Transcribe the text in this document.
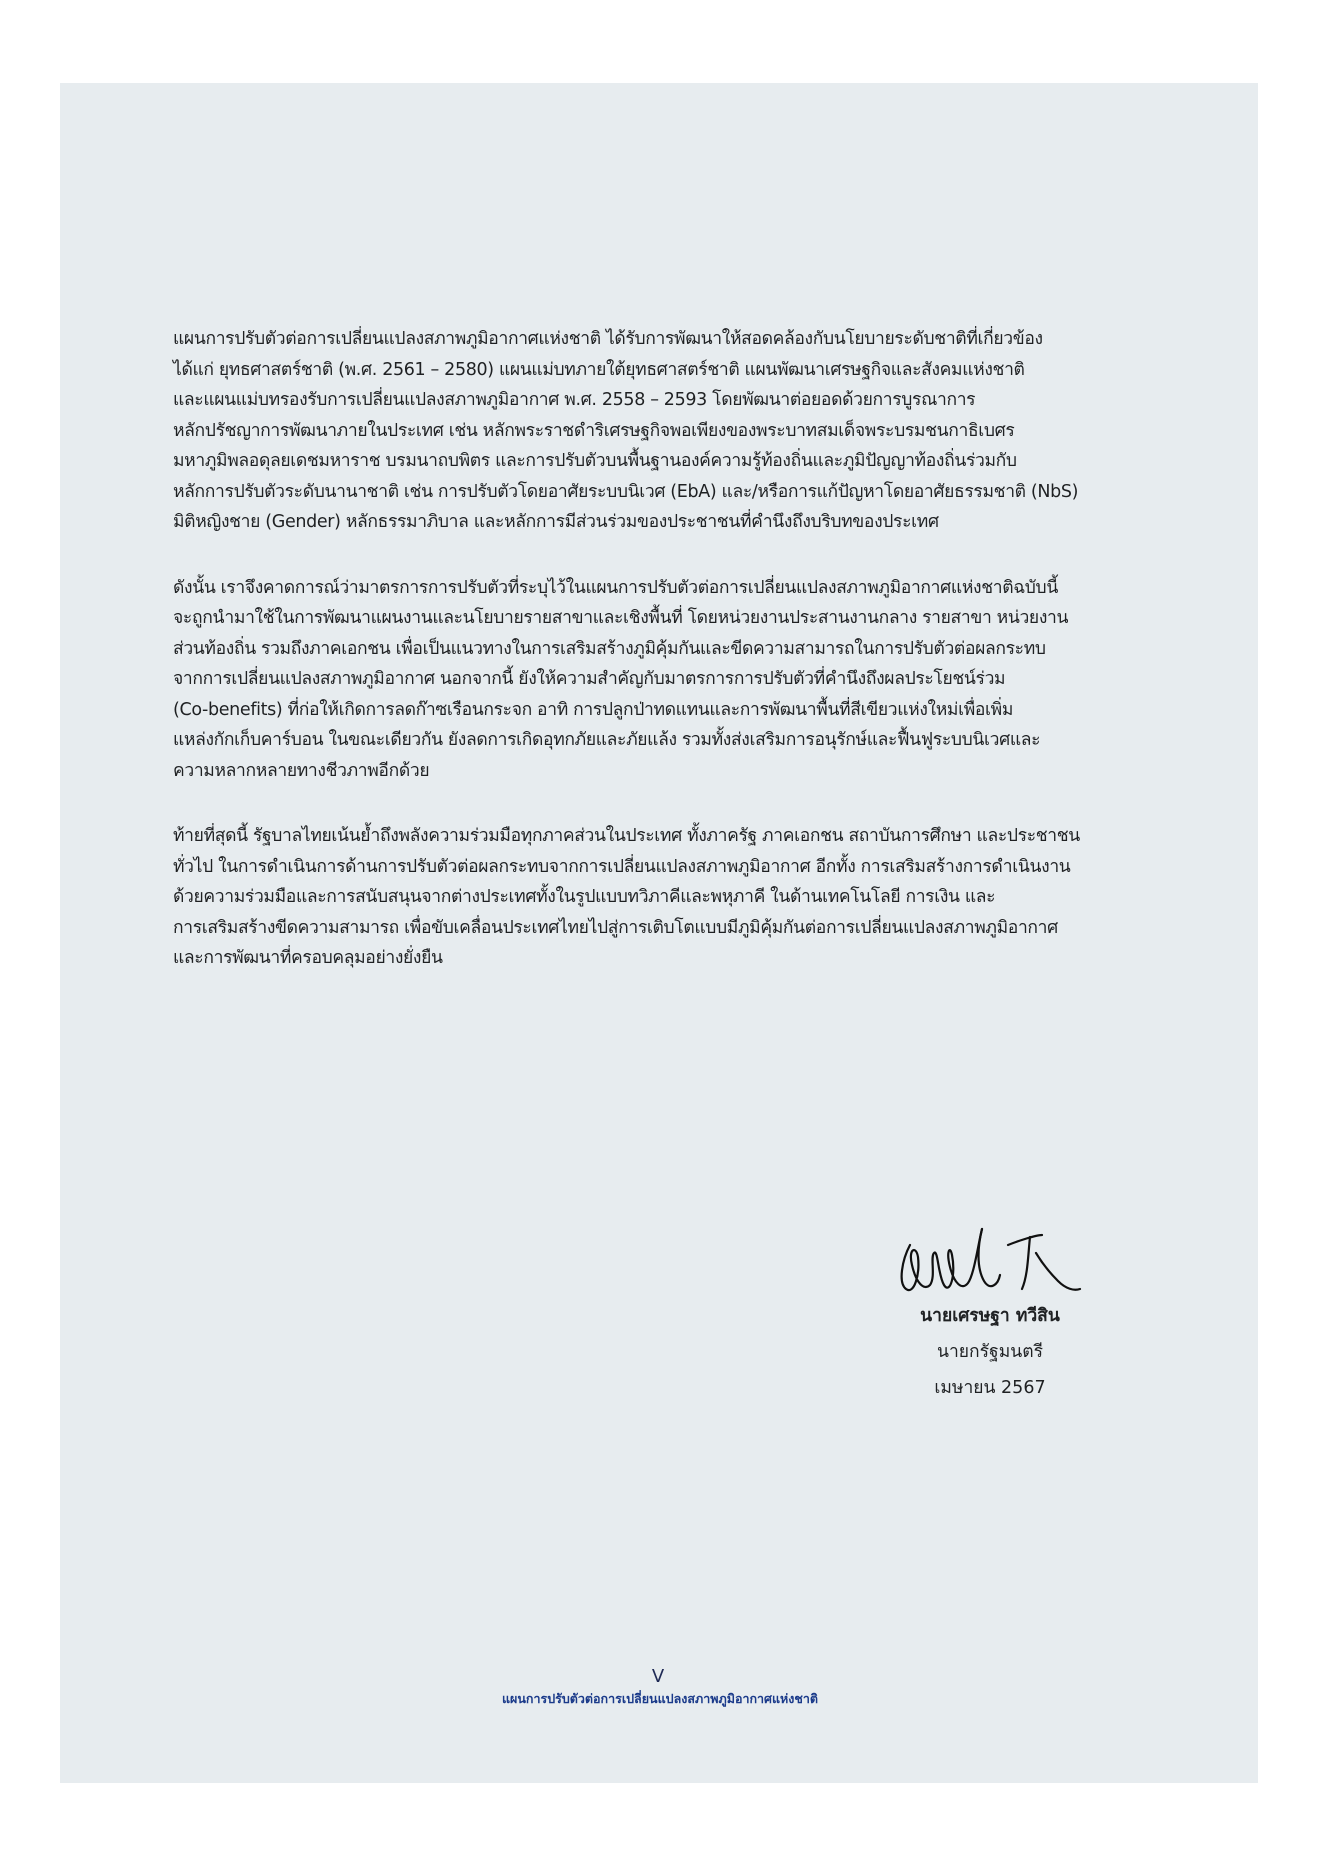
แผนการปรับตัวต่อการเปลี่ยนแปลงสภาพภูมิอากาศแห่งชาติ ได้รับการพัฒนาให้สอดคล้องกับนโยบายระดับชาติที่เกี่ยวข้อง
ได้แก่ ยุทธศาสตร์ชาติ (พ.ศ. 2561 – 2580) แผนแม่บทภายใต้ยุทธศาสตร์ชาติ แผนพัฒนาเศรษฐกิจและสังคมแห่งชาติ
และแผนแม่บทรองรับการเปลี่ยนแปลงสภาพภูมิอากาศ พ.ศ. 2558 – 2593 โดยพัฒนาต่อยอดด้วยการบูรณาการ
หลักปรัชญาการพัฒนาภายในประเทศ เช่น หลักพระราชดำริเศรษฐกิจพอเพียงของพระบาทสมเด็จพระบรมชนกาธิเบศร
มหาภูมิพลอดุลยเดชมหาราช บรมนาถบพิตร และการปรับตัวบนพื้นฐานองค์ความรู้ท้องถิ่นและภูมิปัญญาท้องถิ่นร่วมกับ
หลักการปรับตัวระดับนานาชาติ เช่น การปรับตัวโดยอาศัยระบบนิเวศ (EbA) และ/หรือการแก้ปัญหาโดยอาศัยธรรมชาติ (NbS)
มิติหญิงชาย (Gender) หลักธรรมาภิบาล และหลักการมีส่วนร่วมของประชาชนที่คำนึงถึงบริบทของประเทศ
ดังนั้น เราจึงคาดการณ์ว่ามาตรการการปรับตัวที่ระบุไว้ในแผนการปรับตัวต่อการเปลี่ยนแปลงสภาพภูมิอากาศแห่งชาติฉบับนี้
จะถูกนำมาใช้ในการพัฒนาแผนงานและนโยบายรายสาขาและเชิงพื้นที่ โดยหน่วยงานประสานงานกลาง รายสาขา หน่วยงาน
ส่วนท้องถิ่น รวมถึงภาคเอกชน เพื่อเป็นแนวทางในการเสริมสร้างภูมิคุ้มกันและขีดความสามารถในการปรับตัวต่อผลกระทบ
จากการเปลี่ยนแปลงสภาพภูมิอากาศ นอกจากนี้ ยังให้ความสำคัญกับมาตรการการปรับตัวที่คำนึงถึงผลประโยชน์ร่วม
(Co-benefits) ที่ก่อให้เกิดการลดก๊าซเรือนกระจก อาทิ การปลูกป่าทดแทนและการพัฒนาพื้นที่สีเขียวแห่งใหม่เพื่อเพิ่ม
แหล่งกักเก็บคาร์บอน ในขณะเดียวกัน ยังลดการเกิดอุทกภัยและภัยแล้ง รวมทั้งส่งเสริมการอนุรักษ์และฟื้นฟูระบบนิเวศและ
ความหลากหลายทางชีวภาพอีกด้วย
ท้ายที่สุดนี้ รัฐบาลไทยเน้นย้ำถึงพลังความร่วมมือทุกภาคส่วนในประเทศ ทั้งภาครัฐ ภาคเอกชน สถาบันการศึกษา และประชาชน
ทั่วไป ในการดำเนินการด้านการปรับตัวต่อผลกระทบจากการเปลี่ยนแปลงสภาพภูมิอากาศ อีกทั้ง การเสริมสร้างการดำเนินงาน
ด้วยความร่วมมือและการสนับสนุนจากต่างประเทศทั้งในรูปแบบทวิภาคีและพหุภาคี ในด้านเทคโนโลยี การเงิน และ
การเสริมสร้างขีดความสามารถ เพื่อขับเคลื่อนประเทศไทยไปสู่การเติบโตแบบมีภูมิคุ้มกันต่อการเปลี่ยนแปลงสภาพภูมิอากาศ
และการพัฒนาที่ครอบคลุมอย่างยั่งยืน
นายเศรษฐา ทวีสิน
นายกรัฐมนตรี
เมษายน 2567
V
แผนการปรับตัวต่อการเปลี่ยนแปลงสภาพภูมิอากาศแห่งชาติ
